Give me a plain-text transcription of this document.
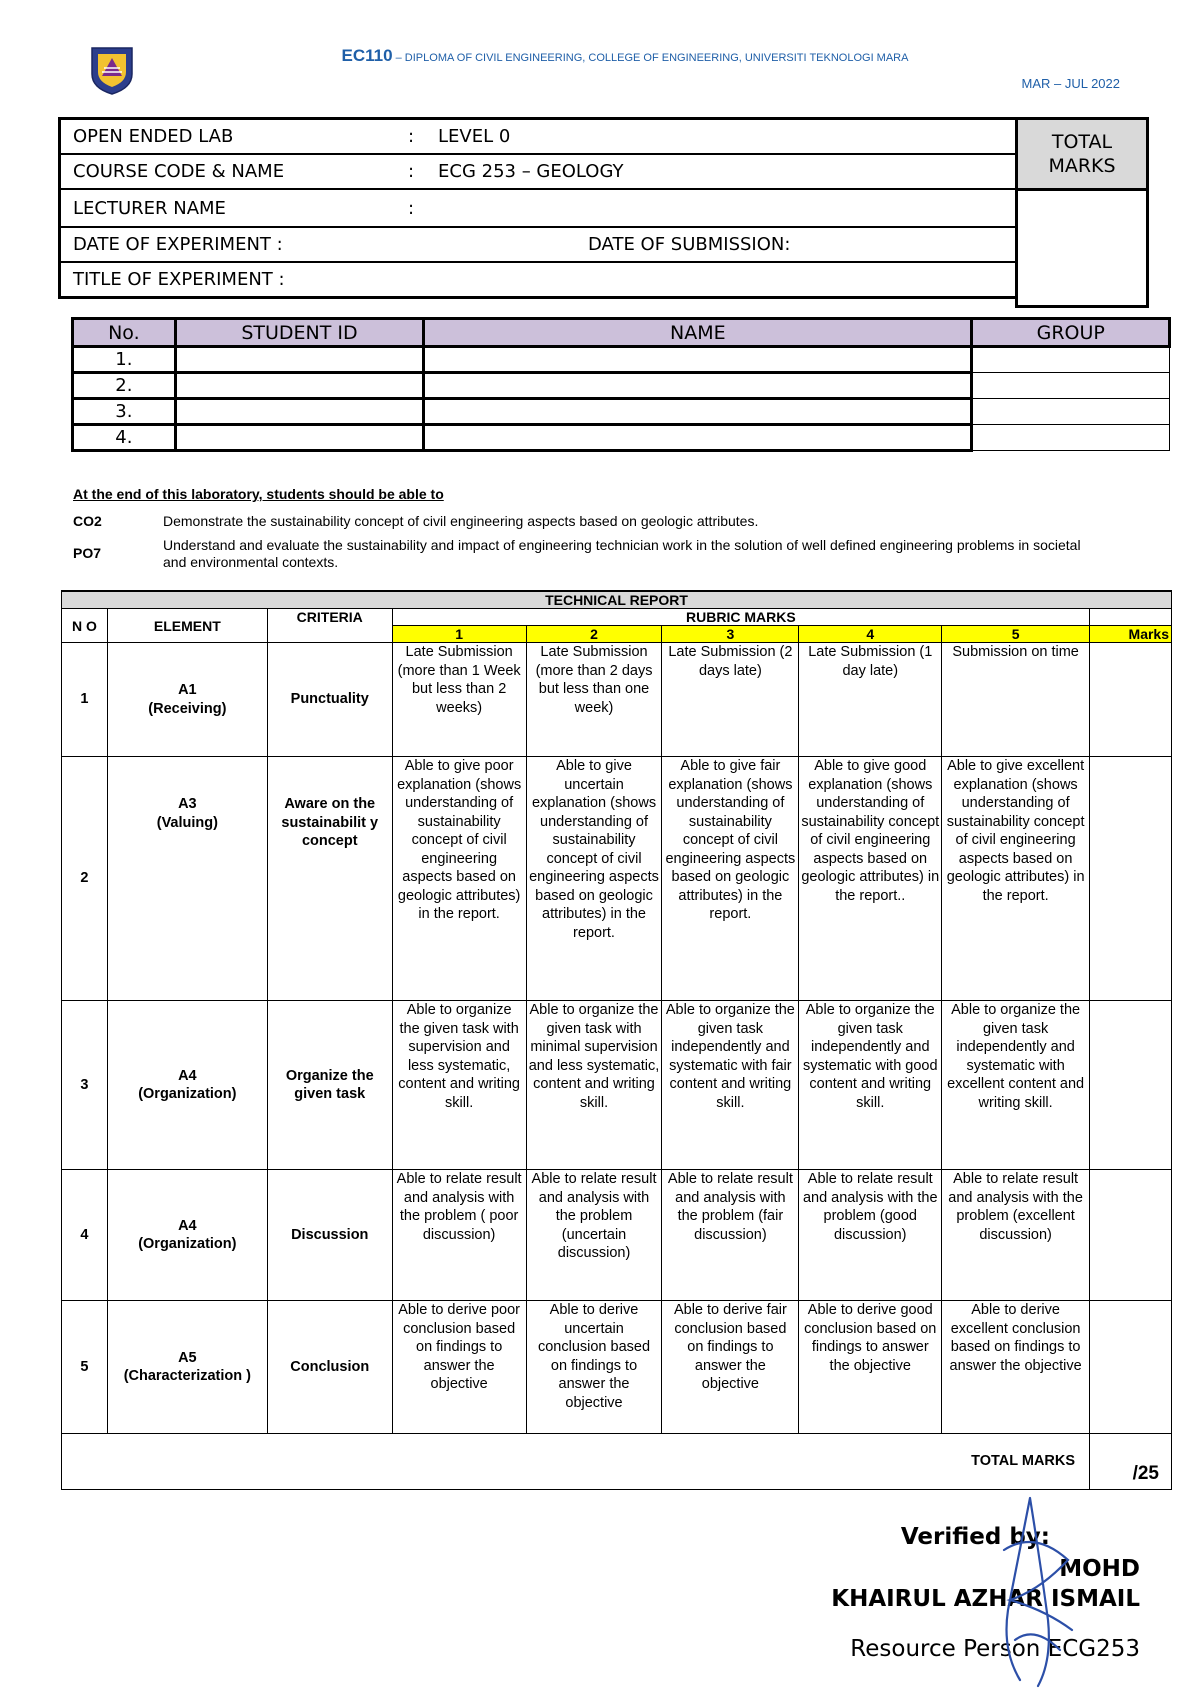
EC110 – DIPLOMA OF CIVIL ENGINEERING, COLLEGE OF ENGINEERING, UNIVERSITI TEKNOLOGI MARA
MAR – JUL 2022
OPEN ENDED LAB	:	LEVEL 0
COURSE CODE & NAME	:	ECG 253 – GEOLOGY
LECTURER NAME	:
DATE OF EXPERIMENT :	DATE OF SUBMISSION:
TITLE OF EXPERIMENT :
TOTAL MARKS
No.	STUDENT ID	NAME	GROUP
1.			
2.			
3.			
4.			
At the end of this laboratory, students should be able to
CO2	Demonstrate the sustainability concept of civil engineering aspects based on geologic attributes.
PO7	Understand and evaluate the sustainability and impact of engineering technician work in the solution of well defined engineering problems in societal and environmental contexts.
TECHNICAL REPORT								
N O	ELEMENT	CRITERIA	RUBRIC MARKS					
			1	2	3	4	5	Marks
1	A1
(Receiving)	Punctuality	Late Submission (more than 1 Week but less than 2 weeks)	Late Submission (more than 2 days but less than one week)	Late Submission (2 days late)	Late Submission (1 day late)	Submission on time	
2	A3
(Valuing)	Aware on the sustainabilit y concept	Able to give poor explanation (shows understanding of sustainability concept of civil engineering aspects based on geologic attributes) in the report.	Able to give uncertain explanation (shows understanding of sustainability concept of civil engineering aspects based on geologic attributes) in the report.	Able to give fair explanation (shows understanding of sustainability concept of civil engineering aspects based on geologic attributes) in the report.	Able to give good explanation (shows understanding of sustainability concept of civil engineering aspects based on geologic attributes) in the report..	Able to give excellent explanation (shows understanding of sustainability concept of civil engineering aspects based on geologic attributes) in the report.	
3	A4
(Organization)	Organize the given task	Able to organize the given task with supervision and less systematic, content and writing skill.	Able to organize the given task with minimal supervision and less systematic, content and writing skill.	Able to organize the given task independently and systematic with fair content and writing skill.	Able to organize the given task independently and systematic with good content and writing skill.	Able to organize the given task independently and systematic with excellent content and writing skill.	
4	A4
(Organization)	Discussion	Able to relate result and analysis with the problem ( poor discussion)	Able to relate result and analysis with the problem (uncertain discussion)	Able to relate result and analysis with the problem (fair discussion)	Able to relate result and analysis with the problem (good discussion)	Able to relate result and analysis with the problem (excellent discussion)	
5	A5
(Characterization )	Conclusion	Able to derive poor conclusion based on findings to answer the objective	Able to derive uncertain conclusion based on findings to answer the objective	Able to derive fair conclusion based on findings to answer the objective	Able to derive good conclusion based on findings to answer the objective	Able to derive excellent conclusion based on findings to answer the objective	
TOTAL MARKS								/25
Verified by:
MOHD
KHAIRUL AZHAR ISMAIL
Resource Person ECG253
